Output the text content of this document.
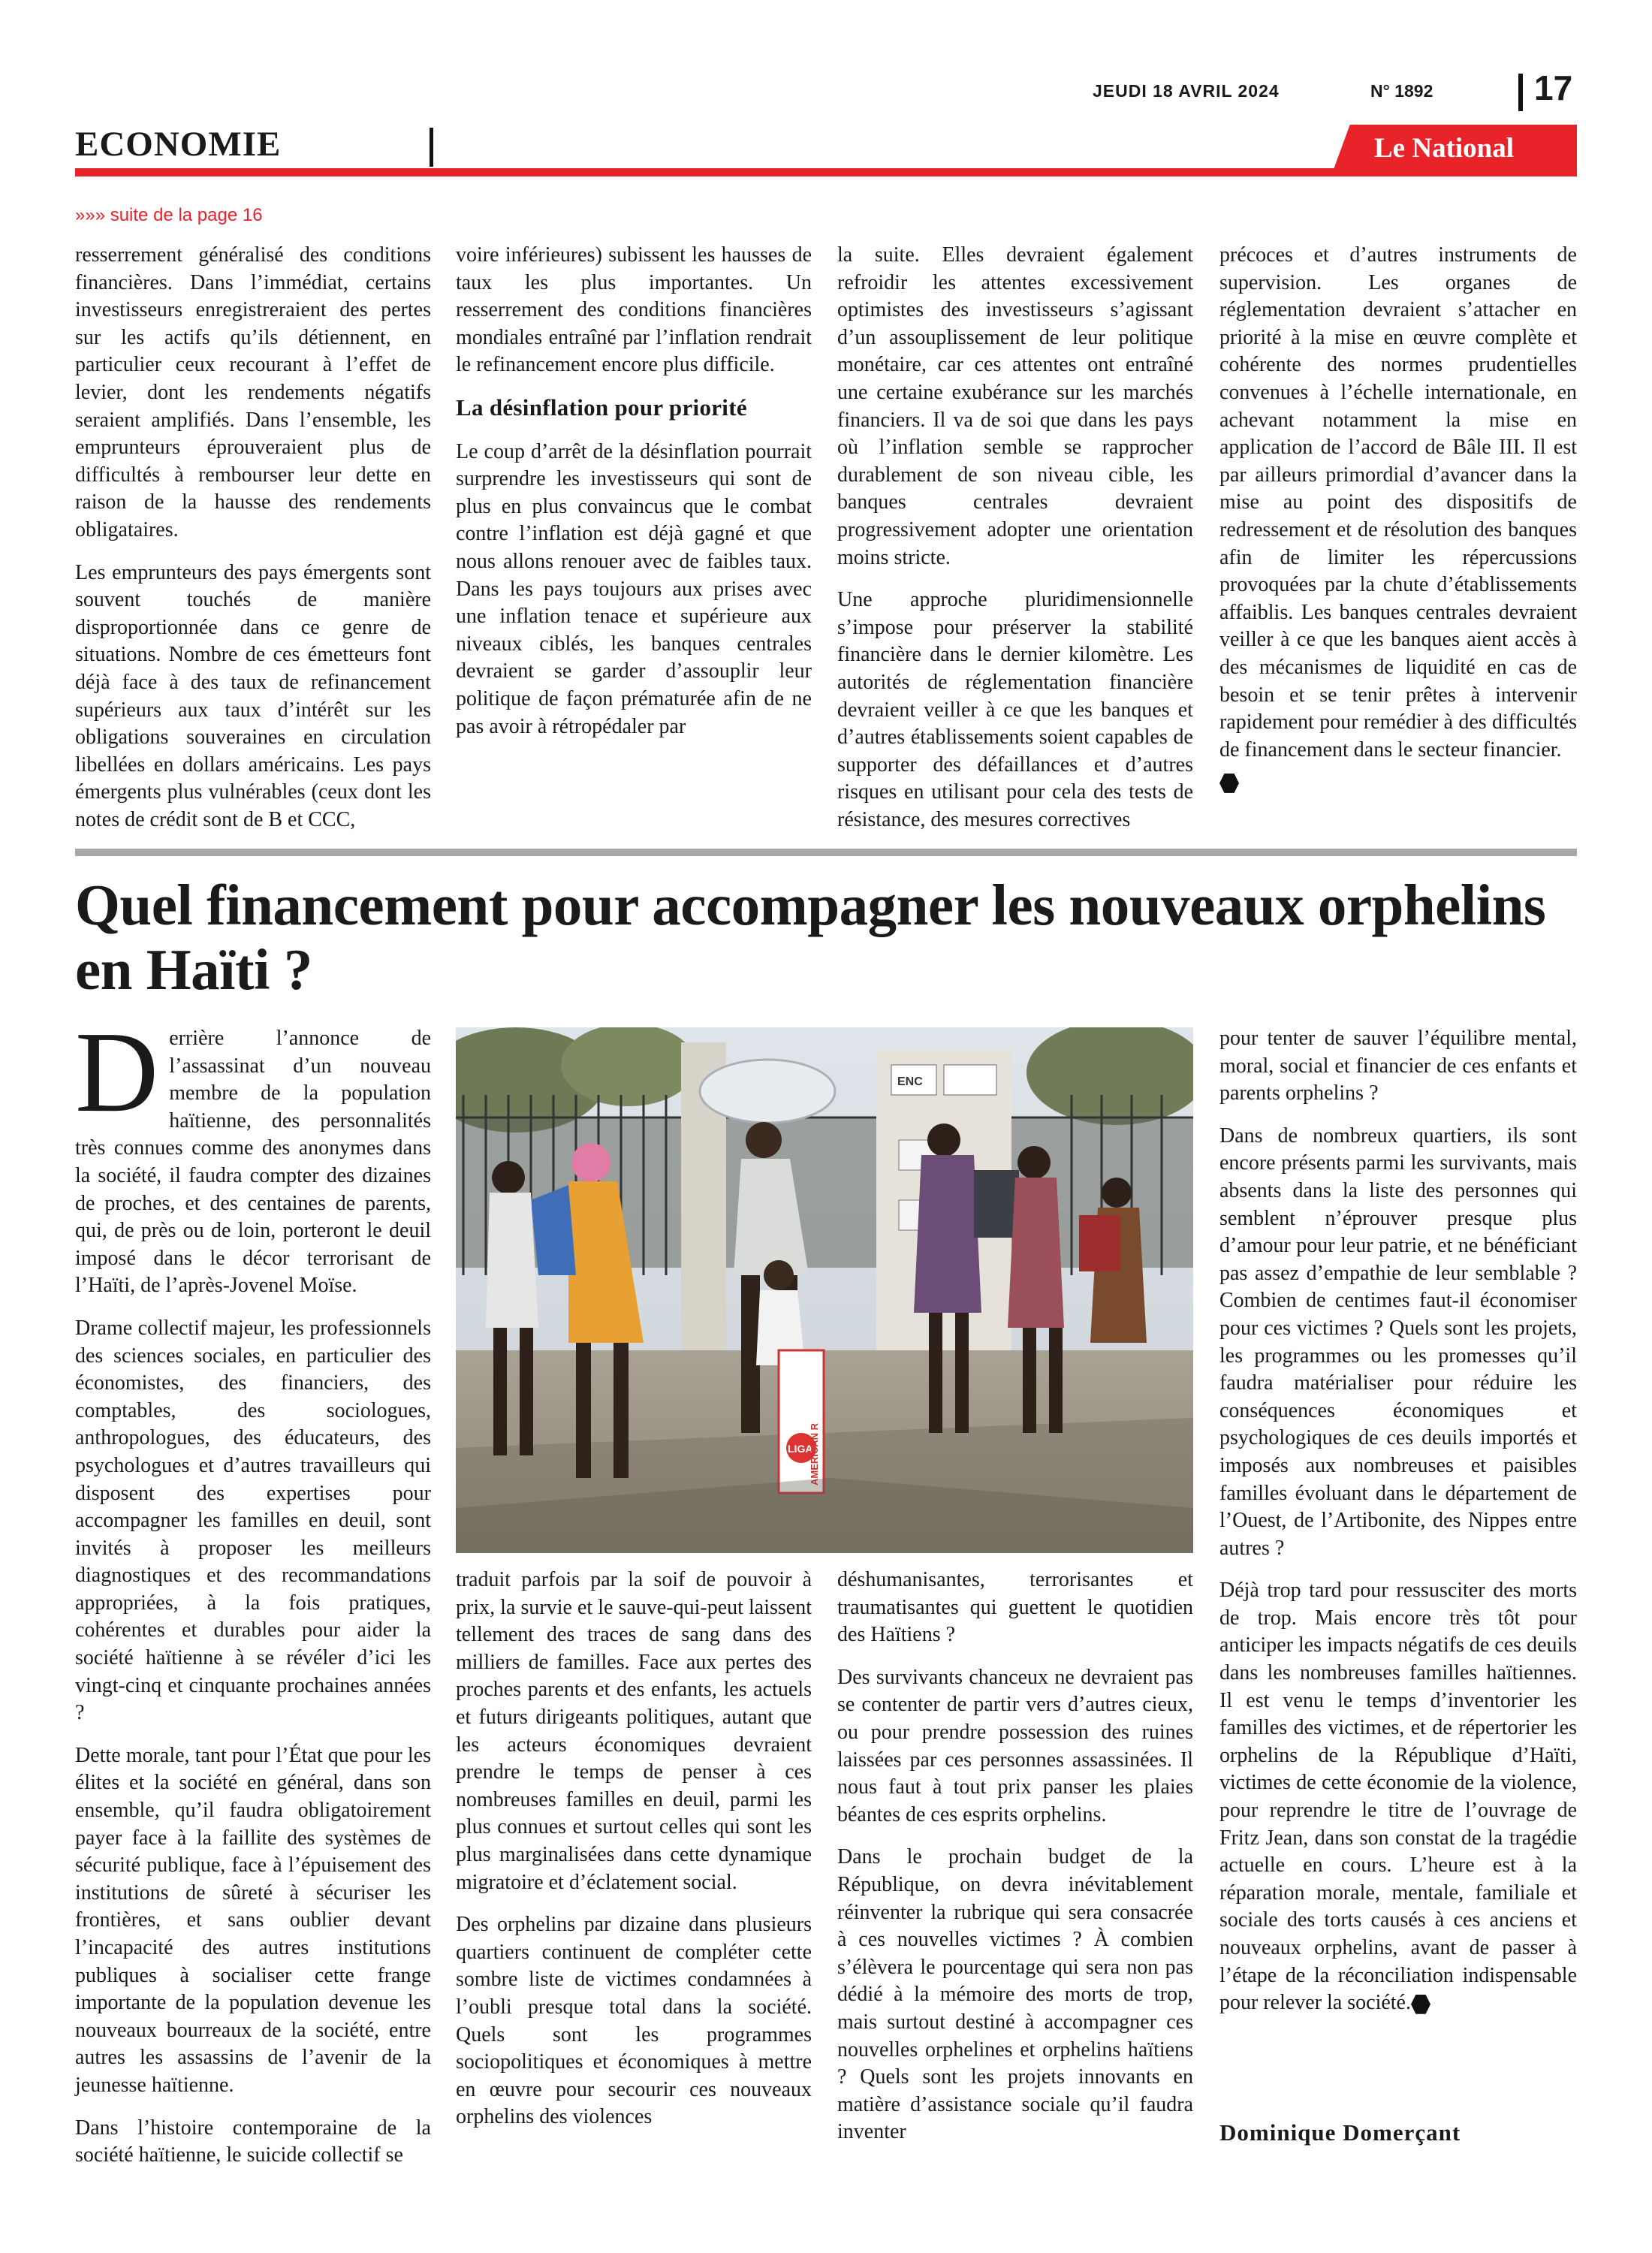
JEUDI 18 AVRIL 2024	N° 1892	17
ECONOMIE	Le National
»»» suite de la page 16

resserrement généralisé des conditions financières. Dans l’immédiat, certains investisseurs enregistreraient des pertes sur les actifs qu’ils détiennent, en particulier ceux recourant à l’effet de levier, dont les rendements négatifs seraient amplifiés. Dans l’ensemble, les emprunteurs éprouveraient plus de difficultés à rembourser leur dette en raison de la hausse des rendements obligataires.

Les emprunteurs des pays émergents sont souvent touchés de manière disproportionnée dans ce genre de situations. Nombre de ces émetteurs font déjà face à des taux de refinancement supérieurs aux taux d’intérêt sur les obligations souveraines en circulation libellées en dollars américains. Les pays émergents plus vulnérables (ceux dont les notes de crédit sont de B et CCC,

voire inférieures) subissent les hausses de taux les plus importantes. Un resserrement des conditions financières mondiales entraîné par l’inflation rendrait le refinancement encore plus difficile.

La désinflation pour priorité

Le coup d’arrêt de la désinflation pourrait surprendre les investisseurs qui sont de plus en plus convaincus que le combat contre l’inflation est déjà gagné et que nous allons renouer avec de faibles taux. Dans les pays toujours aux prises avec une inflation tenace et supérieure aux niveaux ciblés, les banques centrales devraient se garder d’assouplir leur politique de façon prématurée afin de ne pas avoir à rétropédaler par

la suite. Elles devraient également refroidir les attentes excessivement optimistes des investisseurs s’agissant d’un assouplissement de leur politique monétaire, car ces attentes ont entraîné une certaine exubérance sur les marchés financiers. Il va de soi que dans les pays où l’inflation semble se rapprocher durablement de son niveau cible, les banques centrales devraient progressivement adopter une orientation moins stricte.

Une approche pluridimensionnelle s’impose pour préserver la stabilité financière dans le dernier kilomètre. Les autorités de réglementation financière devraient veiller à ce que les banques et d’autres établissements soient capables de supporter des défaillances et d’autres risques en utilisant pour cela des tests de résistance, des mesures correctives

précoces et d’autres instruments de supervision. Les organes de réglementation devraient s’attacher en priorité à la mise en œuvre complète et cohérente des normes prudentielles convenues à l’échelle internationale, en achevant notamment la mise en application de l’accord de Bâle III. Il est par ailleurs primordial d’avancer dans la mise au point des dispositifs de redressement et de résolution des banques afin de limiter les répercussions provoquées par la chute d’établissements affaiblis. Les banques centrales devraient veiller à ce que les banques aient accès à des mécanismes de liquidité en cas de besoin et se tenir prêtes à intervenir rapidement pour remédier à des difficultés de financement dans le secteur financier.

Quel financement pour accompagner les nouveaux orphelins en Haïti ?

Derrière l’annonce de l’assassinat d’un nouveau membre de la population haïtienne, des personnalités très connues comme des anonymes dans la société, il faudra compter des dizaines de proches, et des centaines de parents, qui, de près ou de loin, porteront le deuil imposé dans le décor terrorisant de l’Haïti, de l’après-Jovenel Moïse.

Drame collectif majeur, les professionnels des sciences sociales, en particulier des économistes, des financiers, des comptables, des sociologues, anthropologues, des éducateurs, des psychologues et d’autres travailleurs qui disposent des expertises pour accompagner les familles en deuil, sont invités à proposer les meilleurs diagnostiques et des recommandations appropriées, à la fois pratiques, cohérentes et durables pour aider la société haïtienne à se révéler d’ici les vingt-cinq et cinquante prochaines années ?

Dette morale, tant pour l’État que pour les élites et la société en général, dans son ensemble, qu’il faudra obligatoirement payer face à la faillite des systèmes de sécurité publique, face à l’épuisement des institutions de sûreté à sécuriser les frontières, et sans oublier devant l’incapacité des autres institutions publiques à socialiser cette frange importante de la population devenue les nouveaux bourreaux de la société, entre autres les assassins de l’avenir de la jeunesse haïtienne.

Dans l’histoire contemporaine de la société haïtienne, le suicide collectif se

ENC
LIGA
AMERICAN R

traduit parfois par la soif de pouvoir à prix, la survie et le sauve-qui-peut laissent tellement des traces de sang dans des milliers de familles. Face aux pertes des proches parents et des enfants, les actuels et futurs dirigeants politiques, autant que les acteurs économiques devraient prendre le temps de penser à ces nombreuses familles en deuil, parmi les plus connues et surtout celles qui sont les plus marginalisées dans cette dynamique migratoire et d’éclatement social.

Des orphelins par dizaine dans plusieurs quartiers continuent de compléter cette sombre liste de victimes condamnées à l’oubli presque total dans la société. Quels sont les programmes sociopolitiques et économiques à mettre en œuvre pour secourir ces nouveaux orphelins des violences

déshumanisantes, terrorisantes et traumatisantes qui guettent le quotidien des Haïtiens ?

Des survivants chanceux ne devraient pas se contenter de partir vers d’autres cieux, ou pour prendre possession des ruines laissées par ces personnes assassinées. Il nous faut à tout prix panser les plaies béantes de ces esprits orphelins.

Dans le prochain budget de la République, on devra inévitablement réinventer la rubrique qui sera consacrée à ces nouvelles victimes ? À combien s’élèvera le pourcentage qui sera non pas dédié à la mémoire des morts de trop, mais surtout destiné à accompagner ces nouvelles orphelines et orphelins haïtiens ? Quels sont les projets innovants en matière d’assistance sociale qu’il faudra inventer

pour tenter de sauver l’équilibre mental, moral, social et financier de ces enfants et parents orphelins ?

Dans de nombreux quartiers, ils sont encore présents parmi les survivants, mais absents dans la liste des personnes qui semblent n’éprouver presque plus d’amour pour leur patrie, et ne bénéficiant pas assez d’empathie de leur semblable ? Combien de centimes faut-il économiser pour ces victimes ? Quels sont les projets, les programmes ou les promesses qu’il faudra matérialiser pour réduire les conséquences économiques et psychologiques de ces deuils importés et imposés aux nombreuses et paisibles familles évoluant dans le département de l’Ouest, de l’Artibonite, des Nippes entre autres ?

Déjà trop tard pour ressusciter des morts de trop. Mais encore très tôt pour anticiper les impacts négatifs de ces deuils dans les nombreuses familles haïtiennes. Il est venu le temps d’inventorier les familles des victimes, et de répertorier les orphelins de la République d’Haïti, victimes de cette économie de la violence, pour reprendre le titre de l’ouvrage de Fritz Jean, dans son constat de la tragédie actuelle en cours. L’heure est à la réparation morale, mentale, familiale et sociale des torts causés à ces anciens et nouveaux orphelins, avant de passer à l’étape de la réconciliation indispensable pour relever la société.

Dominique Domerçant
